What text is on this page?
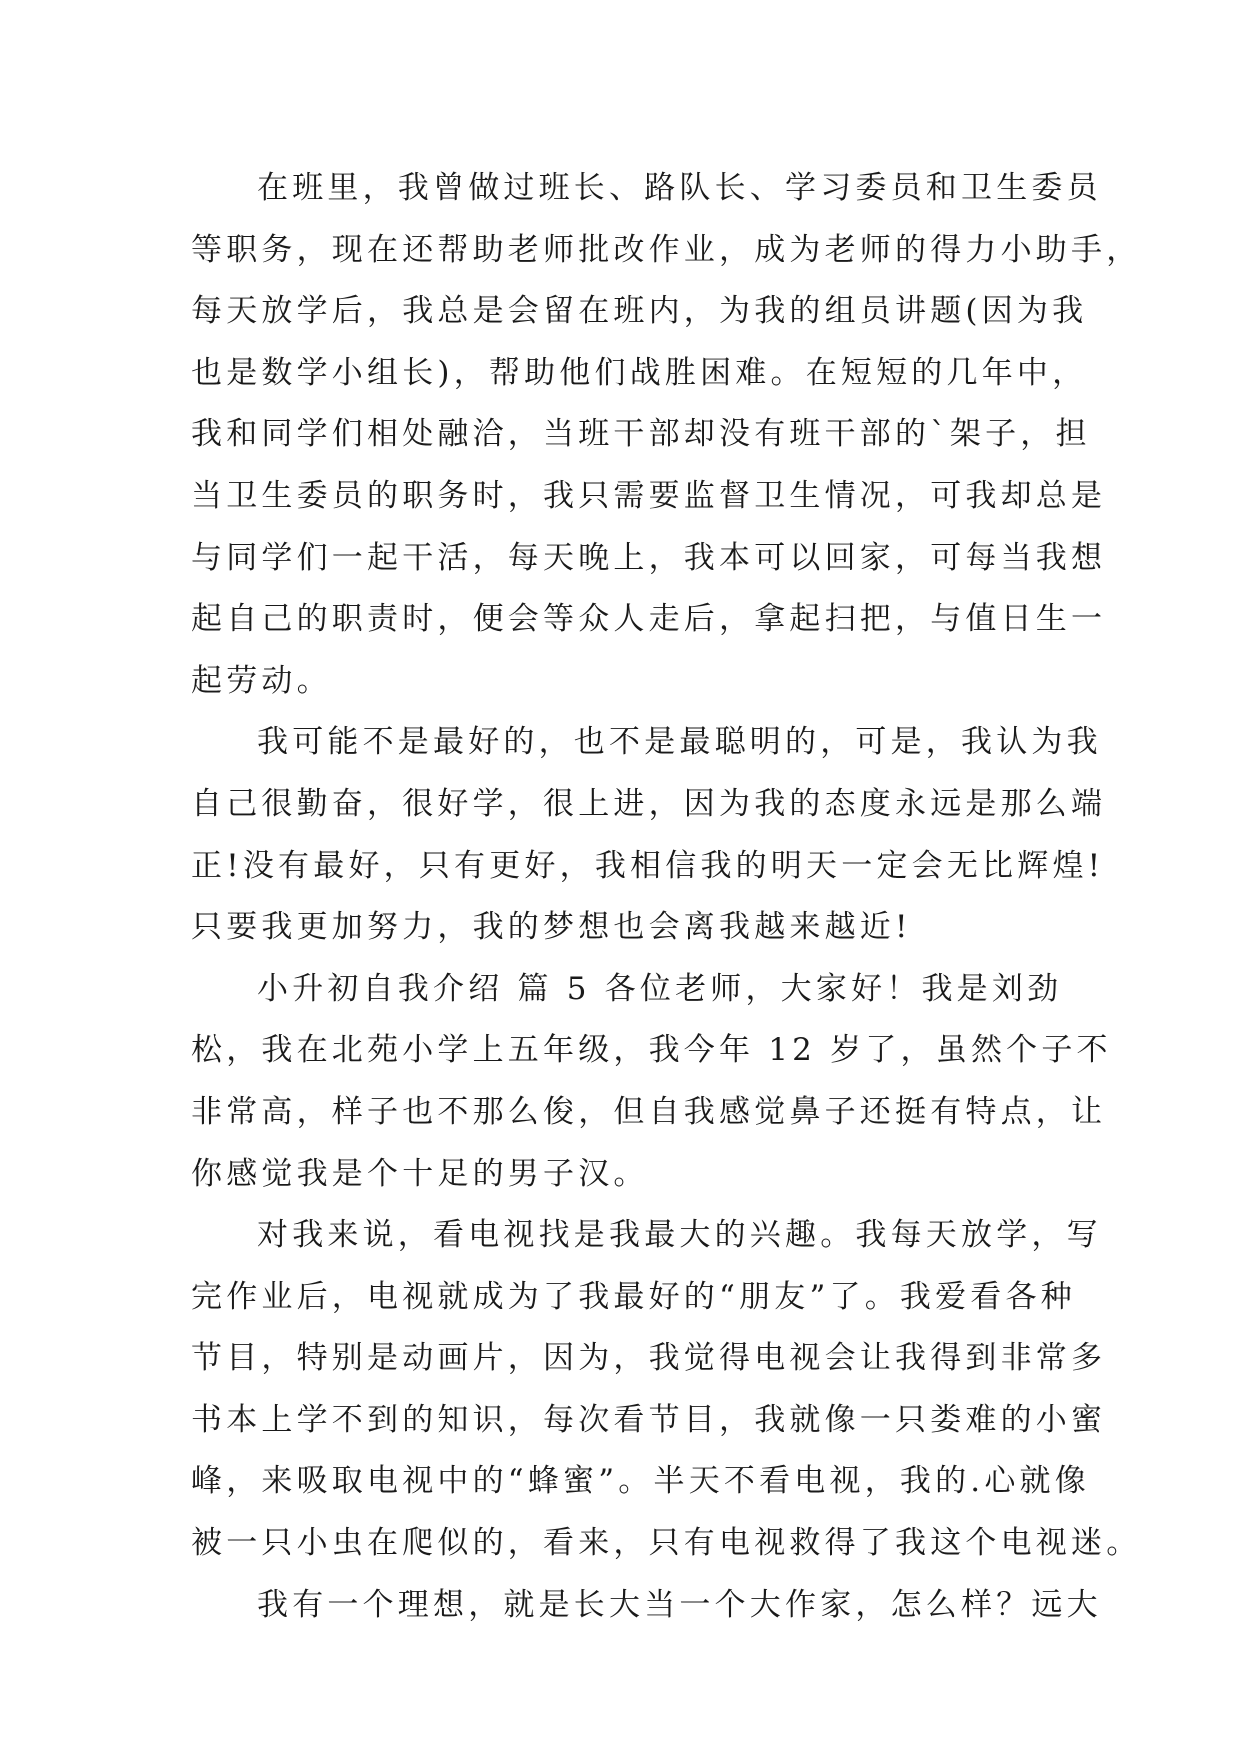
在班里，我曾做过班长、路队长、学习委员和卫生委员
等职务，现在还帮助老师批改作业，成为老师的得力小助手，
每天放学后，我总是会留在班内，为我的组员讲题(因为我
也是数学小组长)，帮助他们战胜困难。在短短的几年中，
我和同学们相处融洽，当班干部却没有班干部的`架子，担
当卫生委员的职务时，我只需要监督卫生情况，可我却总是
与同学们一起干活，每天晚上，我本可以回家，可每当我想
起自己的职责时，便会等众人走后，拿起扫把，与值日生一
起劳动。
我可能不是最好的，也不是最聪明的，可是，我认为我
自己很勤奋，很好学，很上进，因为我的态度永远是那么端
正!没有最好，只有更好，我相信我的明天一定会无比辉煌!
只要我更加努力，我的梦想也会离我越来越近!
小升初自我介绍 篇 5 各位老师，大家好！我是刘劲
松，我在北苑小学上五年级，我今年 12 岁了，虽然个子不
非常高，样子也不那么俊，但自我感觉鼻子还挺有特点，让
你感觉我是个十足的男子汉。
对我来说，看电视找是我最大的兴趣。我每天放学，写
完作业后，电视就成为了我最好的“朋友”了。我爱看各种
节目，特别是动画片，因为，我觉得电视会让我得到非常多
书本上学不到的知识，每次看节目，我就像一只娄难的小蜜
峰，来吸取电视中的“蜂蜜”。半天不看电视，我的.心就像
被一只小虫在爬似的，看来，只有电视救得了我这个电视迷。
我有一个理想，就是长大当一个大作家，怎么样？远大
